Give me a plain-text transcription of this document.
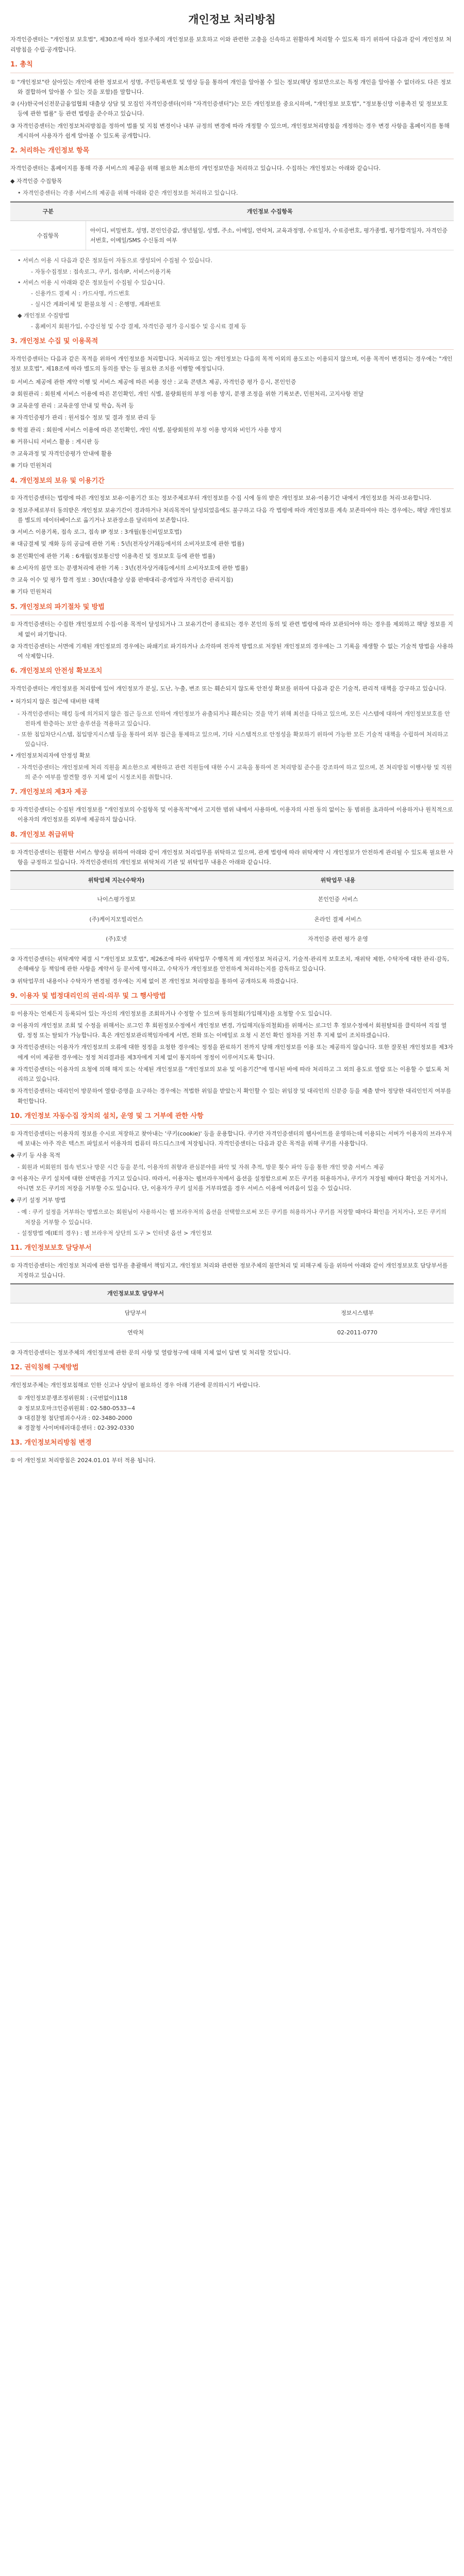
개인정보 처리방침
자격인증센터는 "개인정보 보호법", 제30조에 따라 정보주체의 개인정보를 보호하고 이와 관련한 고충을 신속하고 원활하게 처리할 수 있도록 하기 위하여 다음과 같이 개인정보 처리방침을 수립·공개합니다.
1. 총칙
① "개인정보"란 살아있는 개인에 관한 정보로서 성명, 주민등록번호 및 영상 등을 통하여 개인을 알아볼 수 있는 정보(해당 정보만으로는 특정 개인을 알아볼 수 없더라도 다른 정보와 결합하여 알아볼 수 있는 것을 포함)를 말합니다.
② (사)한국여신전문금융업협회 대출상 상담 및 모집인 자격인증센터(이하 "자격인증센터")는 모든 개인정보를 중요시하며, "개인정보 보호법", "정보통신망 이용촉진 및 정보보호 등에 관한 법률" 등 관련 법령을 준수하고 있습니다.
③ 자격인증센터는 개인정보처리방침을 정하여 법률 및 지침 변경이나 내부 규정의 변경에 따라 개정할 수 있으며, 개인정보처리방침을 개정하는 경우 변경 사항을 홈페이지를 통해 게시하여 사용자가 쉽게 알아볼 수 있도록 공개합니다.
2. 처리하는 개인정보 항목
자격인증센터는 홈페이지를 통해 각종 서비스의 제공을 위해 필요한 최소한의 개인정보만을 처리하고 있습니다. 수집하는 개인정보는 아래와 같습니다.
◆ 자격인증 수집항목
• 자격인증센터는 각종 서비스의 제공을 위해 아래와 같은 개인정보를 처리하고 있습니다.
구분	개인정보 수집항목
수집항목	아이디, 비밀번호, 성명, 본인인증값, 생년월일, 성별, 주소, 이메일, 연락처, 교육과정명, 수료일자, 수료증번호, 평가종별, 평가합격일자, 자격인증서번호, 이메일/SMS 수신동의 여부
• 서비스 이용 시 다음과 같은 정보들이 자동으로 생성되어 수집될 수 있습니다.
- 자동수집정보 : 접속로그, 쿠키, 접속IP, 서비스이용기록
• 서비스 이용 시 아래와 같은 정보들이 수집될 수 있습니다.
- 신용카드 결제 시 : 카드사명, 카드번호
- 실시간 계좌이체 및 환불요청 시 : 은행명, 계좌번호
◆ 개인정보 수집방법
- 홈페이지 회원가입, 수강신청 및 수강 결제, 자격인증 평가 응시접수 및 응시료 결제 등
3. 개인정보 수집 및 이용목적
자격인증센터는 다음과 같은 목적을 위하여 개인정보를 처리합니다. 처리하고 있는 개인정보는 다음의 목적 이외의 용도로는 이용되지 않으며, 이용 목적이 변경되는 경우에는 "개인정보 보호법", 제18조에 따라 별도의 동의를 받는 등 필요한 조치를 이행할 예정입니다.
① 서비스 제공에 관한 계약 이행 및 서비스 제공에 따른 비용 정산 : 교육 콘텐츠 제공, 자격인증 평가 응시, 본인인증
② 회원관리 : 회원제 서비스 이용에 따른 본인확인, 개인 식별, 불량회원의 부정 이용 방지, 분쟁 조정을 위한 기록보존, 민원처리, 고지사항 전달
③ 교육운영 관리 : 교육운영 안내 및 학습, 독려 등
④ 자격인증평가 관리 : 원서접수 정보 및 결과 정보 관리 등
⑤ 학점 관리 : 회원에 서비스 이용에 따른 본인확인, 개인 식별, 불량회원의 부정 이용 방지와 비인가 사용 방지
⑥ 커뮤니티 서비스 활용 : 게시판 등
⑦ 교육과정 및 자격인증평가 안내에 활용
⑧ 기타 민원처리
4. 개인정보의 보유 및 이용기간
① 자격인증센터는 법령에 따른 개인정보 보유·이용기간 또는 정보주체로부터 개인정보를 수집 시에 동의 받은 개인정보 보유·이용기간 내에서 개인정보를 처리·보유합니다.
② 정보주체로부터 동의받은 개인정보 보유기간이 경과하거나 처리목적이 달성되었음에도 불구하고 다음 각 법령에 따라 개인정보를 계속 보존하여야 하는 경우에는, 해당 개인정보를 별도의 데이터베이스로 옮기거나 보관장소를 달리하여 보존합니다.
③ 서비스 이용기록, 접속 로그, 접속 IP 정보 : 3개월(통신비밀보호법)
④ 대금결제 및 재화 등의 공급에 관한 기록 : 5년(전자상거래등에서의 소비자보호에 관한 법률)
⑤ 본인확인에 관한 기록 : 6개월(정보통신망 이용촉진 및 정보보호 등에 관한 법률)
⑥ 소비자의 불만 또는 분쟁처리에 관한 기록 : 3년(전자상거래등에서의 소비자보호에 관한 법률)
⑦ 교육 이수 및 평가 합격 정보 : 30년(대출상 상품 판매대리·중개업자 자격인증 관리지침)
⑧ 기타 민원처리
5. 개인정보의 파기절차 및 방법
① 자격인증센터는 수집한 개인정보의 수집·이용 목적이 달성되거나 그 보유기간이 종료되는 경우 본인의 동의 및 관련 법령에 따라 보관되어야 하는 경우를 제외하고 해당 정보를 지체 없이 파기합니다.
② 자격인증센터는 서면에 기재된 개인정보의 경우에는 파쇄기로 파기하거나 소각하며 전자적 방법으로 저장된 개인정보의 경우에는 그 기록을 재생할 수 없는 기술적 방법을 사용하여 삭제합니다.
6. 개인정보의 안전성 확보조치
자격인증센터는 개인정보를 처리함에 있어 개인정보가 분실, 도난, 누출, 변조 또는 훼손되지 않도록 안전성 확보를 위하여 다음과 같은 기술적, 관리적 대책을 강구하고 있습니다.
• 허가되지 않은 접근에 대비한 대책
- 자격인증센터는 해킹 등에 의거되지 않은 접근 등으로 인하여 개인정보가 유출되거나 훼손되는 것을 막기 위해 최선을 다하고 있으며, 모든 시스템에 대하여 개인정보보호를 안전하게 한층하는 보안 솔루션을 적용하고 있습니다.
- 또한 침입차단시스템, 침입방지시스템 등을 통하여 외부 접근을 통제하고 있으며, 기타 시스템적으로 안정성을 확보하기 위하여 가능한 모든 기술적 대책을 수립하여 처리하고 있습니다.
• 개인정보처리자에 안정성 확보
- 자격인증센터는 개인정보에 처리 직원을 최소한으로 제한하고 관련 직원들에 대한 수시 교육을 통하여 본 처리방침 준수를 강조하여 하고 있으며, 본 처리방침 이행사항 및 직원의 준수 여부를 발견할 경우 지체 없이 시정조치를 취합니다.
7. 개인정보의 제3자 제공
① 자격인증센터는 수집된 개인정보를 "개인정보의 수집항목 및 이용목적"에서 고지한 범위 내에서 사용하며, 이용자의 사전 동의 없이는 동 범위를 초과하여 이용하거나 원칙적으로 이용자의 개인정보를 외부에 제공하지 않습니다.
8. 개인정보 취급위탁
① 자격인증센터는 원활한 서비스 향상을 위하여 아래와 같이 개인정보 처리업무를 위탁하고 있으며, 관계 법령에 따라 위탁계약 시 개인정보가 안전하게 관리될 수 있도록 필요한 사항을 규정하고 있습니다. 자격인증센터의 개인정보 위탁처리 기관 및 위탁업무 내용은 아래와 같습니다.
위탁업체 지는(수탁자)	위탁업무 내용
나이스평가정보	본인인증 서비스
(주)케이지모빌리언스	온라인 결제 서비스
(주)호넷	자격인증 관련 평가 운영
② 자격인증센터는 위탁계약 체결 시 "개인정보 보호법", 제26조에 따라 위탁업무 수행목적 외 개인정보 처리금지, 기술적·관리적 보호조치, 재위탁 제한, 수탁자에 대한 관리·감독, 손해배상 등 책임에 관한 사항을 계약서 등 문서에 명시하고, 수탁자가 개인정보를 안전하게 처리하는지를 감독하고 있습니다.
③ 위탁업무의 내용이나 수탁자가 변경될 경우에는 지체 없이 본 개인정보 처리방침을 통하여 공개하도록 하겠습니다.
9. 이용자 및 법정대리인의 권리·의무 및 그 행사방법
① 이용자는 언제든지 등록되어 있는 자신의 개인정보를 조회하거나 수정할 수 있으며 동의철회(가입해지)를 요청할 수도 있습니다.
② 이용자의 개인정보 조회 및 수정을 위해서는 로그인 후 회원정보수정에서 개인정보 변경, 가입해지(동의철회)를 위해서는 로그인 후 정보수정에서 회원탈퇴를 클릭하여 직접 열람, 정정 또는 탈퇴가 가능합니다. 혹은 개인정보관리책임자에게 서면, 전화 또는 이메일로 요청 시 본인 확인 절차를 거친 후 지체 없이 조치하겠습니다.
③ 자격인증센터는 이용자가 개인정보의 오류에 대한 정정을 요청한 경우에는 정정을 완료하기 전까지 당해 개인정보를 이용 또는 제공하지 않습니다. 또한 잘못된 개인정보를 제3자에게 이미 제공한 경우에는 정정 처리결과를 제3자에게 지체 없이 통지하여 정정이 이루어지도록 합니다.
④ 자격인증센터는 이용자의 요청에 의해 해지 또는 삭제된 개인정보를 "개인정보의 보유 및 이용기간"에 명시된 바에 따라 처리하고 그 외의 용도로 열람 또는 이용할 수 없도록 처리하고 있습니다.
⑤ 자격인증센터는 대리인이 방문하여 열람·증명을 요구하는 경우에는 적법한 위임을 받았는지 확인할 수 있는 위임장 및 대리인의 신분증 등을 제출 받아 정당한 대리인인지 여부를 확인합니다.
10. 개인정보 자동수집 장치의 설치, 운영 및 그 거부에 관한 사항
① 자격인증센터는 이용자의 정보를 수시로 저장하고 찾아내는 '쿠키(cookie)' 등을 운용합니다. 쿠키란 자격인증센터의 웹사이트를 운영하는데 이용되는 서버가 이용자의 브라우저에 보내는 아주 작은 텍스트 파일로서 이용자의 컴퓨터 하드디스크에 저장됩니다. 자격인증센터는 다음과 같은 목적을 위해 쿠키를 사용합니다.
◆ 쿠키 등 사용 목적
- 회원과 비회원의 접속 빈도나 방문 시간 등을 분석, 이용자의 취향과 관심분야를 파악 및 자취 추적, 방문 횟수 파악 등을 통한 개인 맞춤 서비스 제공
② 이용자는 쿠키 설치에 대한 선택권을 가지고 있습니다. 따라서, 이용자는 웹브라우저에서 옵션을 설정함으로써 모든 쿠키를 허용하거나, 쿠키가 저장될 때마다 확인을 거치거나, 아니면 모든 쿠키의 저장을 거부할 수도 있습니다. 단, 이용자가 쿠키 설치를 거부하였을 경우 서비스 이용에 어려움이 있을 수 있습니다.
◆ 쿠키 설정 거부 방법
- 예 : 쿠키 설정을 거부하는 방법으로는 회원님이 사용하시는 웹 브라우저의 옵션을 선택함으로써 모든 쿠키를 허용하거나 쿠키를 저장할 때마다 확인을 거치거나, 모든 쿠키의 저장을 거부할 수 있습니다.
- 설정방법 예(IE의 경우) : 웹 브라우저 상단의 도구 > 인터넷 옵션 > 개인정보
11. 개인정보보호 담당부서
① 자격인증센터는 개인정보 처리에 관한 업무를 총괄해서 책임지고, 개인정보 처리와 관련한 정보주체의 불만처리 및 피해구제 등을 위하여 아래와 같이 개인정보보호 담당부서를 지정하고 있습니다.
개인정보보호 담당부서	
담당부서	정보시스템부
연락처	02-2011-0770
② 자격인증센터는 정보주체의 개인정보에 관한 문의 사항 및 열람청구에 대해 지체 없이 답변 및 처리할 것입니다.
12. 권익침해 구제방법
개인정보주체는 개인정보침해로 인한 신고나 상담이 필요하신 경우 아래 기관에 문의하시기 바랍니다.
① 개인정보분쟁조정위원회 : (국번없이)118
② 정보보호마크인증위원회 : 02-580-0533~4
③ 대검찰청 첨단범죄수사과 : 02-3480-2000
④ 경찰청 사이버테러대응센터 : 02-392-0330
13. 개인정보처리방침 변경
① 이 개인정보 처리방침은 2024.01.01 부터 적용 됩니다.
